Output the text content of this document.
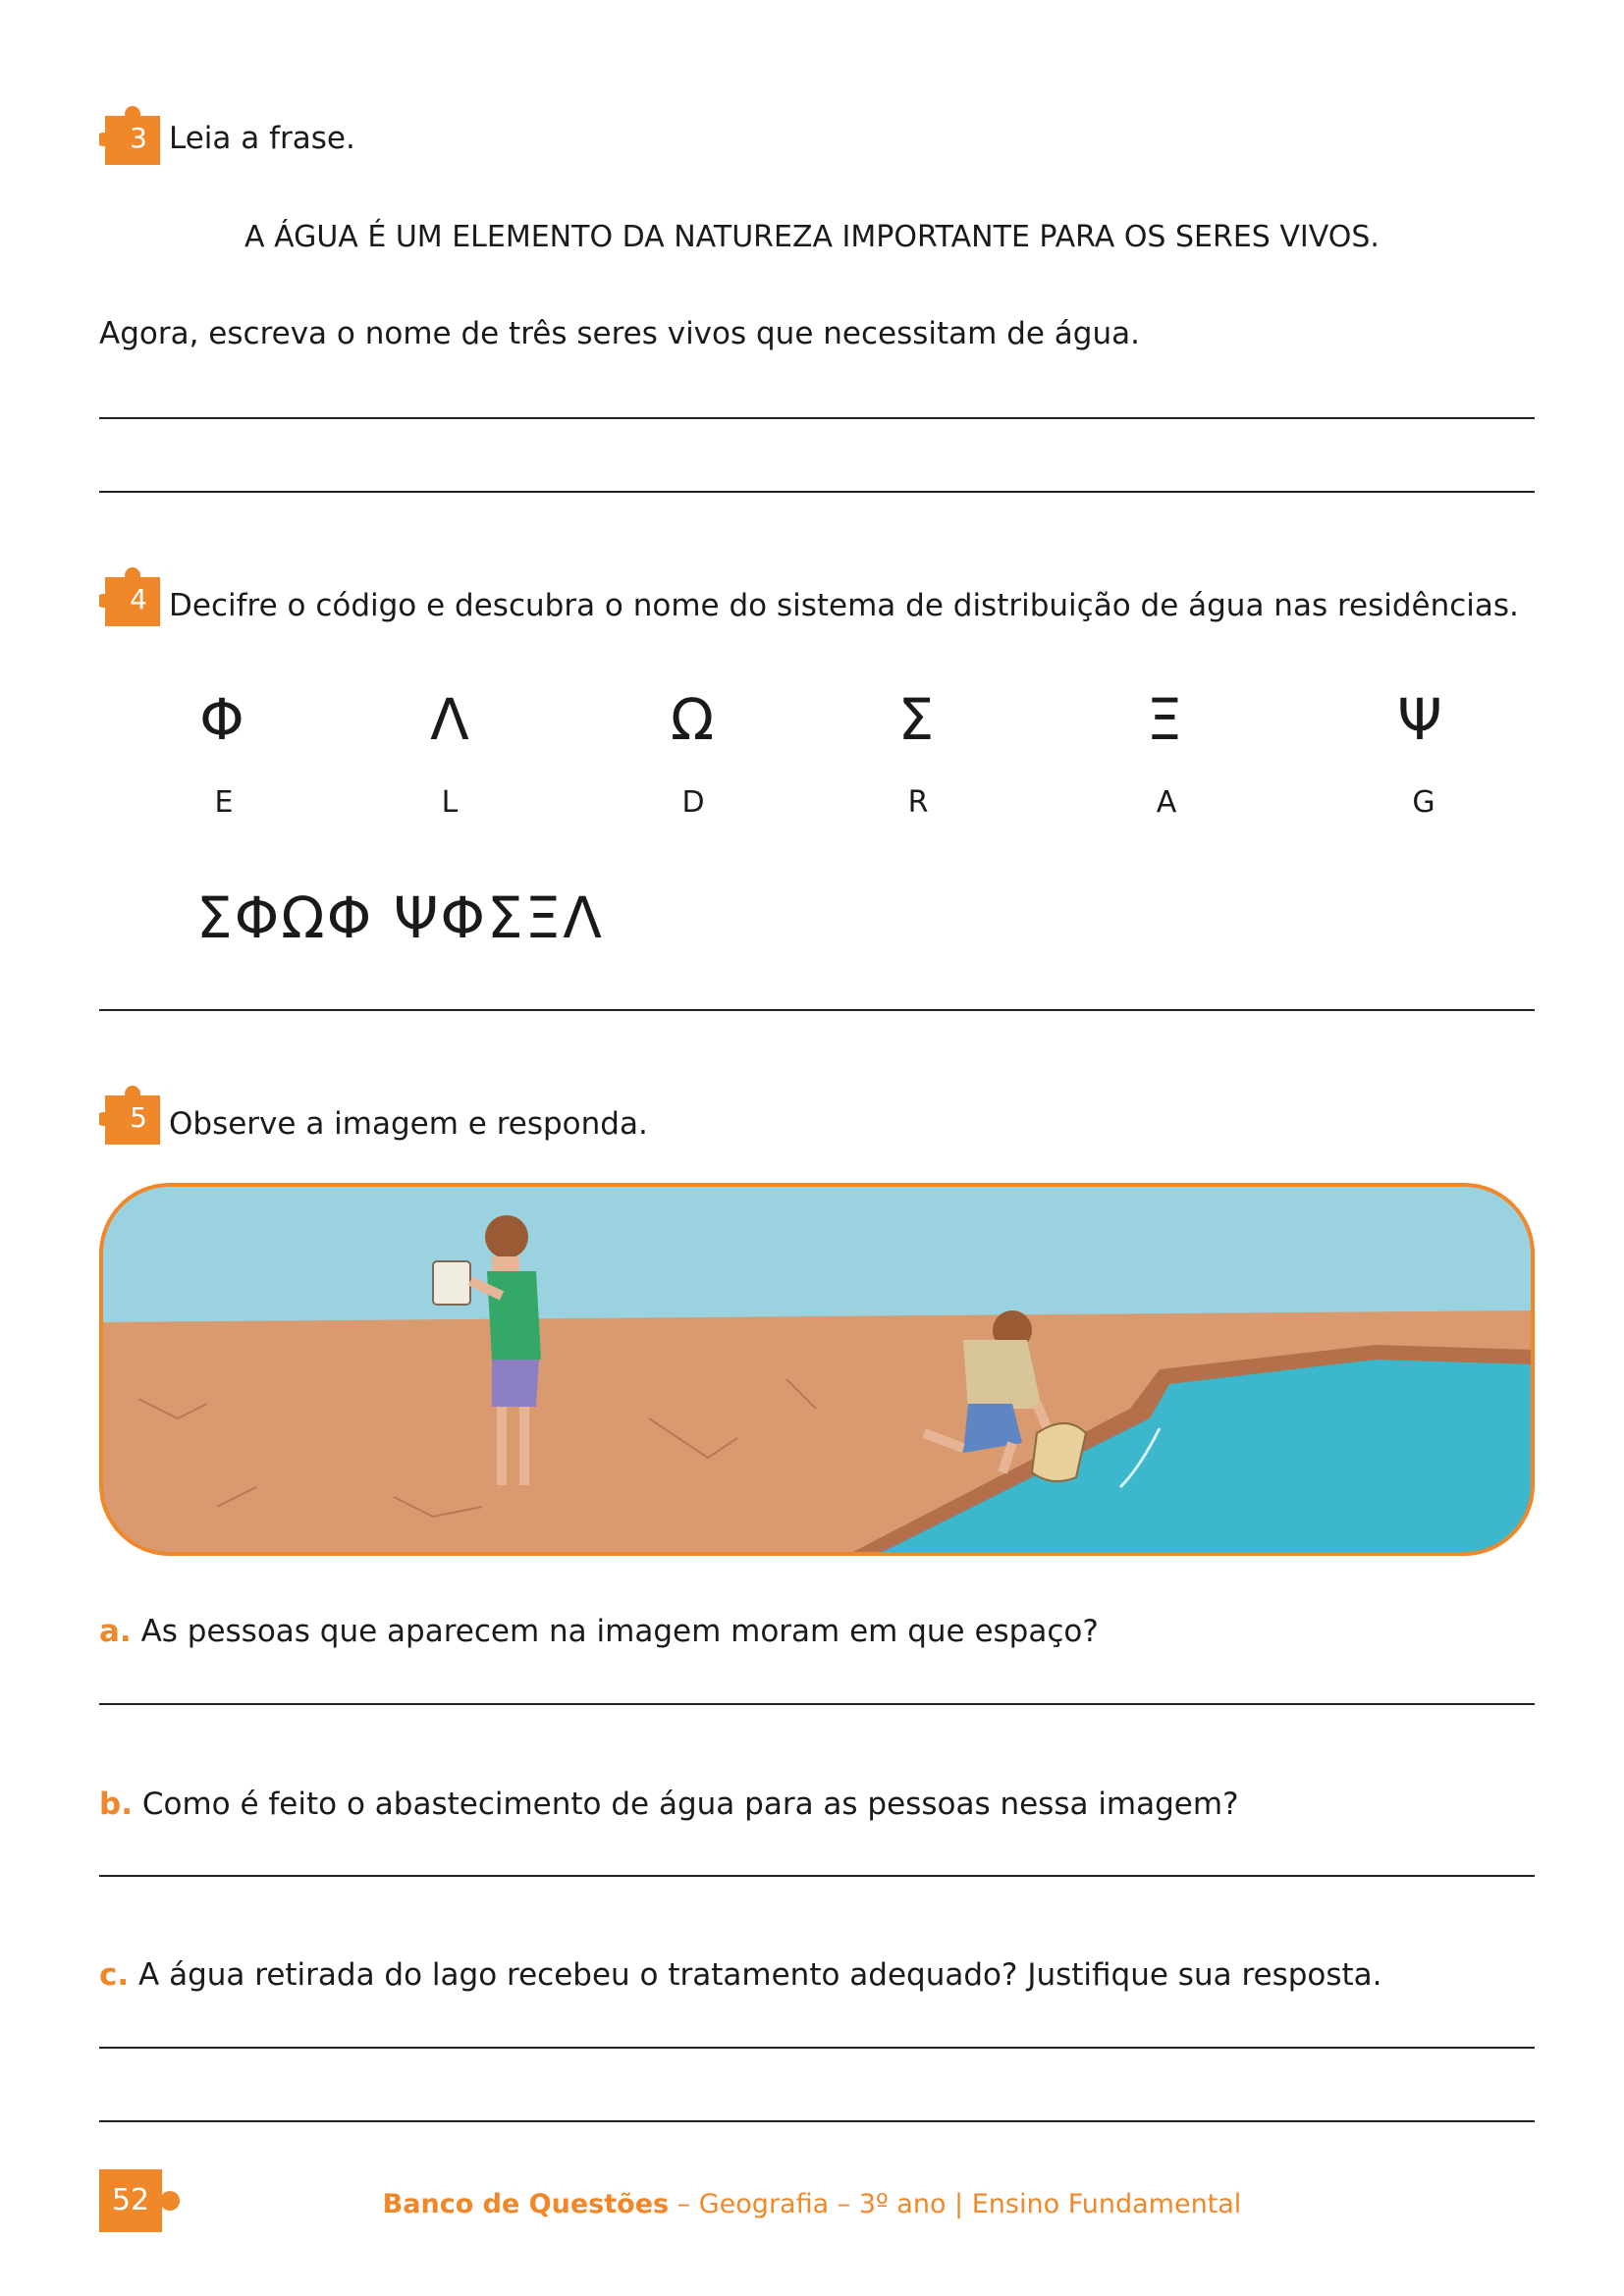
3 Leia a frase.
A ÁGUA É UM ELEMENTO DA NATUREZA IMPORTANTE PARA OS SERES VIVOS.
Agora, escreva o nome de três seres vivos que necessitam de água.
4 Decifre o código e descubra o nome do sistema de distribuição de água nas residências.
Φ	Λ	Ω	Σ	Ξ	Ψ
E	L	D	R	A	G
ΣΦΩΦ ΨΦΣΞΛ
5 Observe a imagem e responda.
a. As pessoas que aparecem na imagem moram em que espaço?
b. Como é feito o abastecimento de água para as pessoas nessa imagem?
c. A água retirada do lago recebeu o tratamento adequado? Justifique sua resposta.
52	Banco de Questões – Geografia – 3º ano | Ensino Fundamental
